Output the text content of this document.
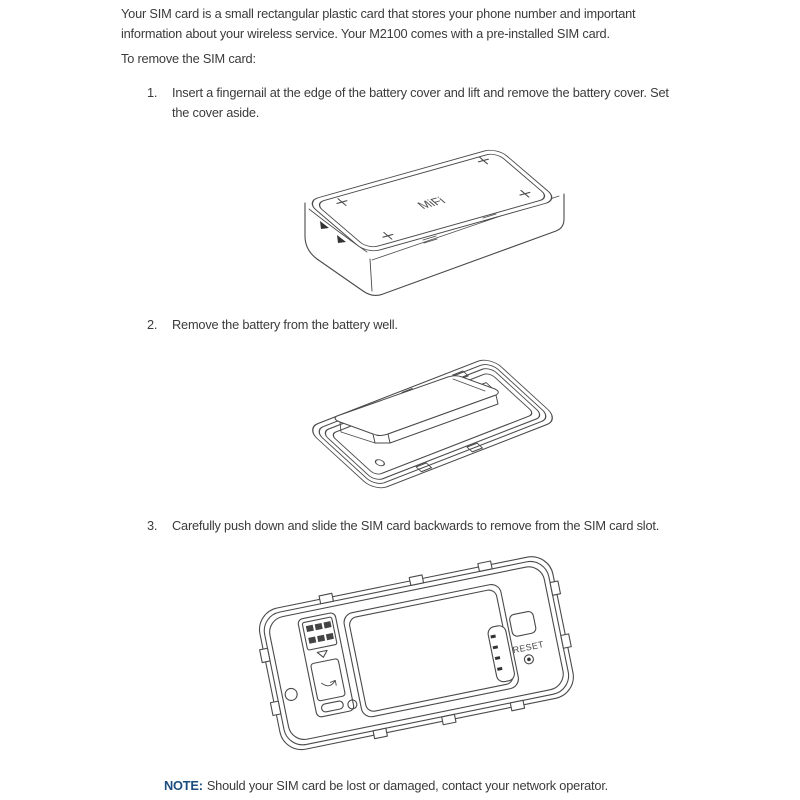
Your SIM card is a small rectangular plastic card that stores your phone number and important
information about your wireless service. Your M2100 comes with a pre-installed SIM card.
To remove the SIM card:
1.	Insert a fingernail at the edge of the battery cover and lift and remove the battery cover. Set
the cover aside.
MiFi
2.	Remove the battery from the battery well.
3.	Carefully push down and slide the SIM card backwards to remove from the SIM card slot.
RESET
NOTE: Should your SIM card be lost or damaged, contact your network operator.
